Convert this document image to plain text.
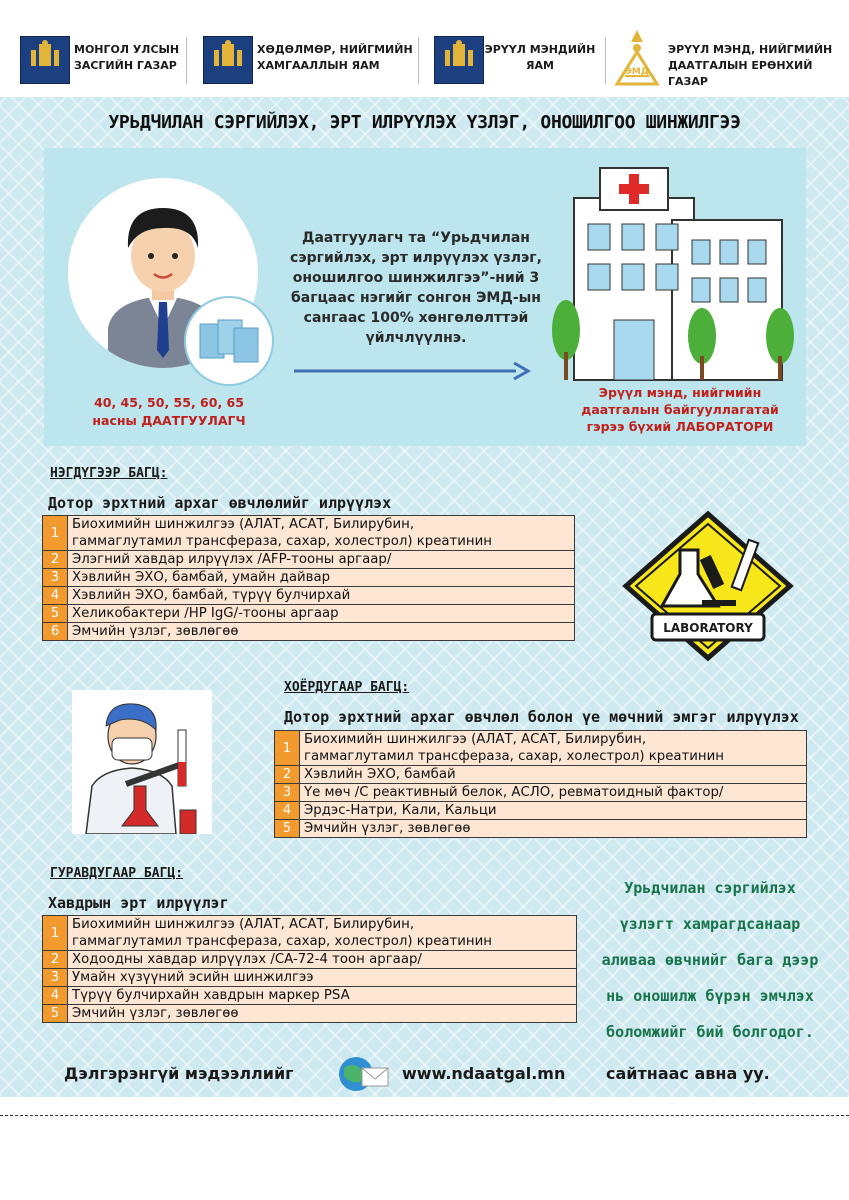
МОНГОЛ УЛСЫН
ЗАСГИЙН ГАЗАР
ХӨДӨЛМӨР, НИЙГМИЙН
ХАМГААЛЛЫН ЯАМ
ЭРҮҮЛ МЭНДИЙН
ЯАМ	ЭМД
ЭРҮҮЛ МЭНД, НИЙГМИЙН
ДААТГАЛЫН ЕРӨНХИЙ ГАЗАР
УРЬДЧИЛАН СЭРГИЙЛЭХ, ЭРТ ИЛРҮҮЛЭХ ҮЗЛЭГ, ОНОШИЛГОО ШИНЖИЛГЭЭ
Даатгуулагч та “Урьдчилан
сэргийлэх, эрт илрүүлэх үзлэг,
оношилгоо шинжилгээ”-ний 3
багцаас нэгийг сонгон ЭМД-ын
сангаас 100% хөнгөлөлттэй
үйлчлүүлнэ.
40, 45, 50, 55, 60, 65
насны ДААТГУУЛАГЧ
Эрүүл мэнд, нийгмийн
даатгалын байгууллагатай
гэрээ бүхий ЛАБОРАТОРИ
НЭГДҮГЭЭР БАГЦ:
Дотор эрхтний архаг өвчлөлийг илрүүлэх
1	Биохимийн шинжилгээ (АЛАТ, АСАТ, Билирубин,
гаммаглутамил трансфераза, сахар, холестрол) креатинин

2	Элэгний хавдар илрүүлэх /AFP-тооны аргаар/
3	Хэвлийн ЭХО, бамбай, умайн дайвар
4	Хэвлийн ЭХО, бамбай, түрүү булчирхай
5	Хеликобактери /HP IgG/-тооны аргаар
6	Эмчийн үзлэг, зөвлөгөө	LABORATORY
ХОЁРДУГААР БАГЦ:
Дотор эрхтний архаг өвчлөл болон үе мөчний эмгэг илрүүлэх
1	Биохимийн шинжилгээ (АЛАТ, АСАТ, Билирубин,
гаммаглутамил трансфераза, сахар, холестрол) креатинин

2	Хэвлийн ЭХО, бамбай
3	Үе мөч /С реактивный белок, АСЛО, ревматоидный фактор/
4	Эрдэс-Натри, Кали, Кальци
5	Эмчийн үзлэг, зөвлөгөө
ГУРАВДУГААР БАГЦ:
Хавдрын эрт илрүүлэг
1	Биохимийн шинжилгээ (АЛАТ, АСАТ, Билирубин,
гаммаглутамил трансфераза, сахар, холестрол) креатинин

2	Ходоодны хавдар илрүүлэх /CA-72-4 тоон аргаар/
3	Умайн хүзүүний эсийн шинжилгээ
4	Түрүү булчирхайн хавдрын маркер PSA
5	Эмчийн үзлэг, зөвлөгөө
Урьдчилан сэргийлэх
үзлэгт хамрагдсанаар
аливаа өвчнийг бага дээр
нь оношилж бүрэн эмчлэх
боломжийг бий болгодог.
Дэлгэрэнгүй мэдээллийг	www.ndaatgal.mn	сайтнаас авна уу.
